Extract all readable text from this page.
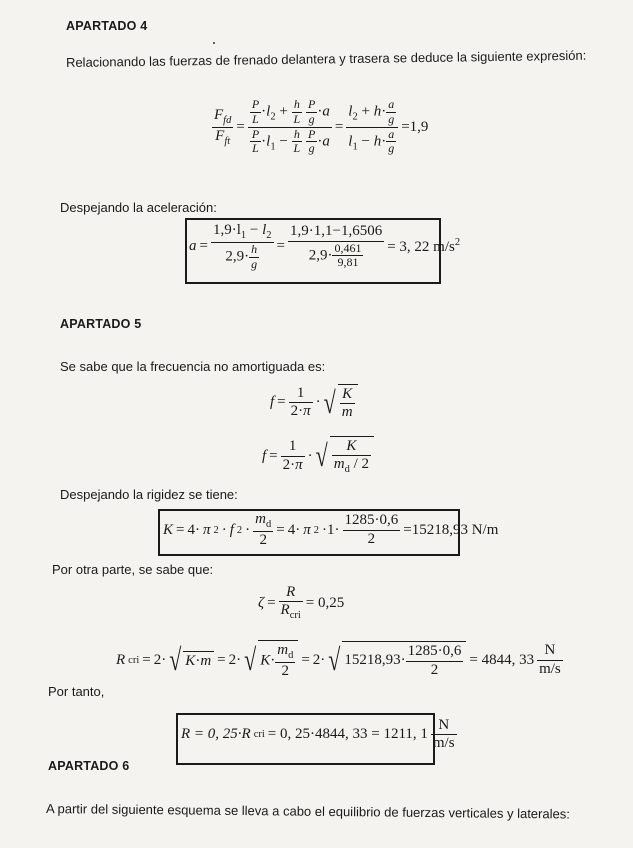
APARTADO 4
Relacionando las fuerzas de frenado delantera y trasera se deduce la siguiente expresión:
$\frac{F_{fd}}{F_{ft}} = \frac{P}{L} \cdot l_2 + \frac{h}{L}$
$\frac{P}{g} \cdot a$
$\frac{P}{L} \cdot l_1 - \frac{h}{L}$
$\frac{P}{g} \cdot a = \frac{l_2 + h\cdot \frac{a}{g}}{l_1 - h\cdot \frac{a}{g}} =1,9$
Despejando la aceleración:
$a = \frac{1,9\cdot l_1 - l_2}{2,9\cdot \frac{h}{g}} = \frac{1,9\cdot 1,1-1,6506}{2,9\cdot \frac{0,461}{9,81}} = 3$, 22 $m/s^2$
APARTADO 5
Se sabe que la frecuencia no amortiguada es:
$f = \frac{1}{2\cdot\pi}$ · √ $\frac{K}{m}$
$f = \frac{1}{2\cdot\pi}$ · √ $\frac{K}{m_d / 2}$
Despejando la rigidez se tiene:
K = 4· π 2 · f $2 \cdot \frac{m_d}{2} = 4\cdot \pi$ $2 \cdot 1\cdot \frac{1285\cdot 0,6}{2} =15218,93$ N/m
Por otra parte, se sabe que:
$\zeta = \frac{R}{R_{cri}} = 0,25$
R cri = 2· √ K·m = 2· √ $K\cdot \frac{m_d}{2} = 2\cdot$ √ $15218,93\cdot \frac{1285\cdot 0,6}{2} = 4844$, $33 \frac{N}{m/s}$
Por tanto,
R = 0, 25·R cri = 0, 25·4844, 33 = 1211, $1 \frac{N}{m/s}$
APARTADO 6
A partir del siguiente esquema se lleva a cabo el equilibrio de fuerzas verticales y laterales:
